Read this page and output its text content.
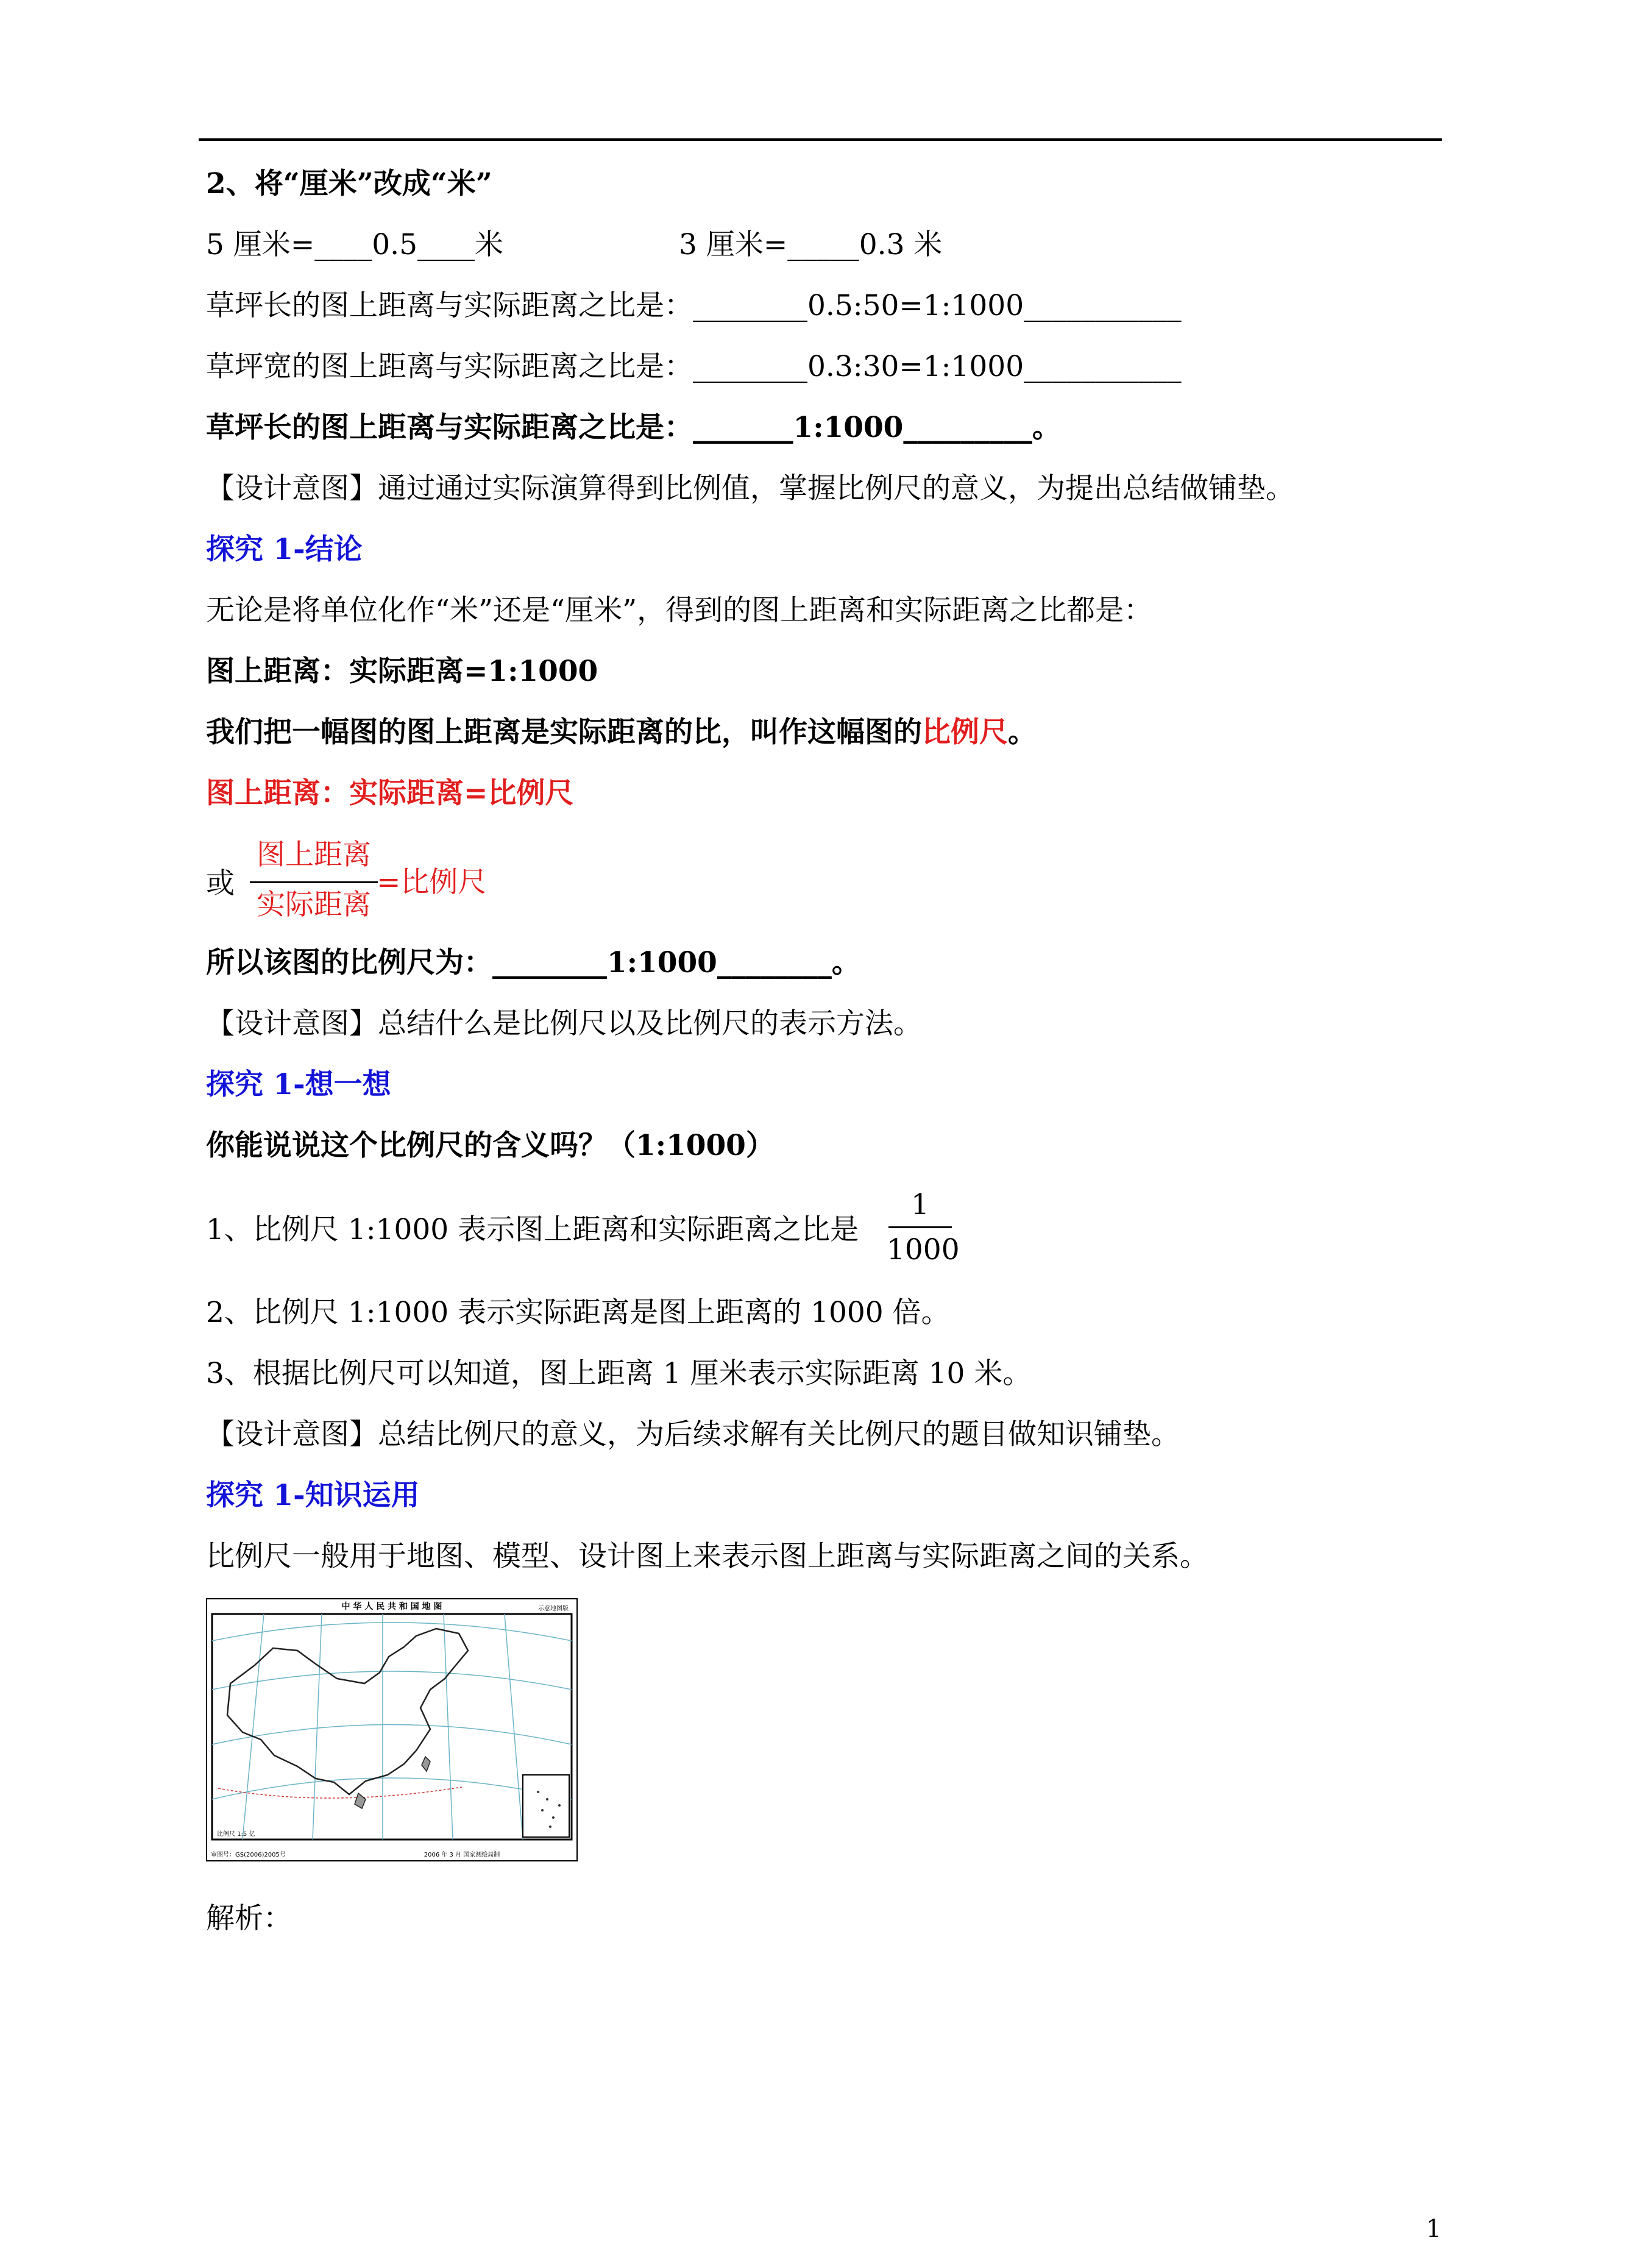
2、将“厘米”改成“米”
5 厘米=____0.5____米	3 厘米=_____0.3 米
草坪长的图上距离与实际距离之比是：________0.5:50=1:1000___________
草坪宽的图上距离与实际距离之比是：________0.3:30=1:1000___________
草坪长的图上距离与实际距离之比是：_______1:1000_________。
【设计意图】通过通过实际演算得到比例值，掌握比例尺的意义，为提出总结做铺垫。
探究 1-结论
无论是将单位化作“米”还是“厘米”，得到的图上距离和实际距离之比都是：
图上距离：实际距离=1:1000
我们把一幅图的图上距离是实际距离的比，叫作这幅图的比例尺。
图上距离：实际距离=比例尺
或
图上距离
实际距离
=比例尺
所以该图的比例尺为：________1:1000________。
【设计意图】总结什么是比例尺以及比例尺的表示方法。
探究 1-想一想
你能说说这个比例尺的含义吗？（1:1000）
1、比例尺 1:1000 表示图上距离和实际距离之比是
1
1000
2、比例尺 1:1000 表示实际距离是图上距离的 1000 倍。
3、根据比例尺可以知道，图上距离 1 厘米表示实际距离 10 米。
【设计意图】总结比例尺的意义，为后续求解有关比例尺的题目做知识铺垫。
探究 1-知识运用
比例尺一般用于地图、模型、设计图上来表示图上距离与实际距离之间的关系。
中 华 人 民 共 和 国 地 图	示意地图版
比例尺 1:5 亿
审图号：GS(2006)2005号	2006 年 3 月 国家测绘局制
解析：
1
